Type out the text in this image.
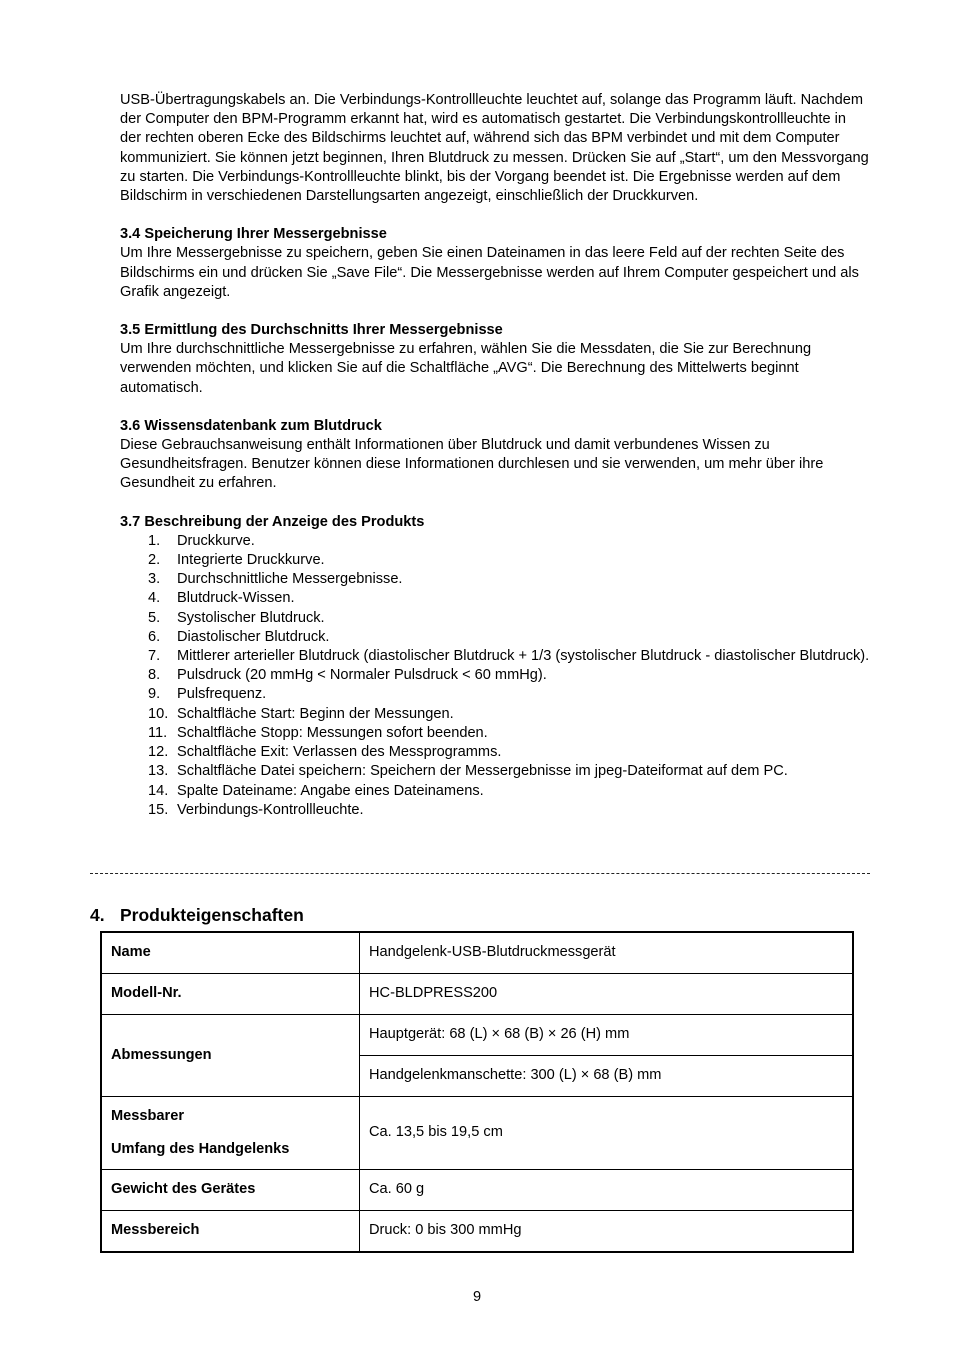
USB-Übertragungskabels an. Die Verbindungs-Kontrollleuchte leuchtet auf, solange das Programm läuft. Nachdem der Computer den BPM-Programm erkannt hat, wird es automatisch gestartet. Die Verbindungskontrollleuchte in der rechten oberen Ecke des Bildschirms leuchtet auf, während sich das BPM verbindet und mit dem Computer kommuniziert. Sie können jetzt beginnen, Ihren Blutdruck zu messen. Drücken Sie auf „Start“, um den Messvorgang zu starten. Die Verbindungs-Kontrollleuchte blinkt, bis der Vorgang beendet ist. Die Ergebnisse werden auf dem Bildschirm in verschiedenen Darstellungsarten angezeigt, einschließlich der Druckkurven.

3.4 Speicherung Ihrer Messergebnisse

Um Ihre Messergebnisse zu speichern, geben Sie einen Dateinamen in das leere Feld auf der rechten Seite des Bildschirms ein und drücken Sie „Save File“. Die Messergebnisse werden auf Ihrem Computer gespeichert und als Grafik angezeigt.

3.5 Ermittlung des Durchschnitts Ihrer Messergebnisse

Um Ihre durchschnittliche Messergebnisse zu erfahren, wählen Sie die Messdaten, die Sie zur Berechnung verwenden möchten, und klicken Sie auf die Schaltfläche „AVG“. Die Berechnung des Mittelwerts beginnt automatisch.

3.6 Wissensdatenbank zum Blutdruck

Diese Gebrauchsanweisung enthält Informationen über Blutdruck und damit verbundenes Wissen zu Gesundheitsfragen. Benutzer können diese Informationen durchlesen und sie verwenden, um mehr über ihre Gesundheit zu erfahren.

3.7 Beschreibung der Anzeige des Produkts
1. Druckkurve.
2. Integrierte Druckkurve.
3. Durchschnittliche Messergebnisse.
4. Blutdruck-Wissen.
5. Systolischer Blutdruck.
6. Diastolischer Blutdruck.
7. Mittlerer arterieller Blutdruck (diastolischer Blutdruck + 1/3 (systolischer Blutdruck - diastolischer Blutdruck).
8. Pulsdruck (20 mmHg < Normaler Pulsdruck < 60 mmHg).
9. Pulsfrequenz.
10. Schaltfläche Start: Beginn der Messungen.
11. Schaltfläche Stopp: Messungen sofort beenden.
12. Schaltfläche Exit: Verlassen des Messprogramms.
13. Schaltfläche Datei speichern: Speichern der Messergebnisse im jpeg-Dateiformat auf dem PC.
14. Spalte Dateiname: Angabe eines Dateinamens.
15. Verbindungs-Kontrollleuchte.
4. Produkteigenschaften
Name	Handgelenk-USB-Blutdruckmessgerät
Modell-Nr.	HC-BLDPRESS200
Abmessungen	Hauptgerät: 68 (L) × 68 (B) × 26 (H) mm
	Handgelenkmanschette: 300 (L) × 68 (B) mm

Messbarer
Umfang des Handgelenks	Ca. 13,5 bis 19,5 cm
Gewicht des Gerätes	Ca. 60 g
Messbereich	Druck: 0 bis 300 mmHg
9
